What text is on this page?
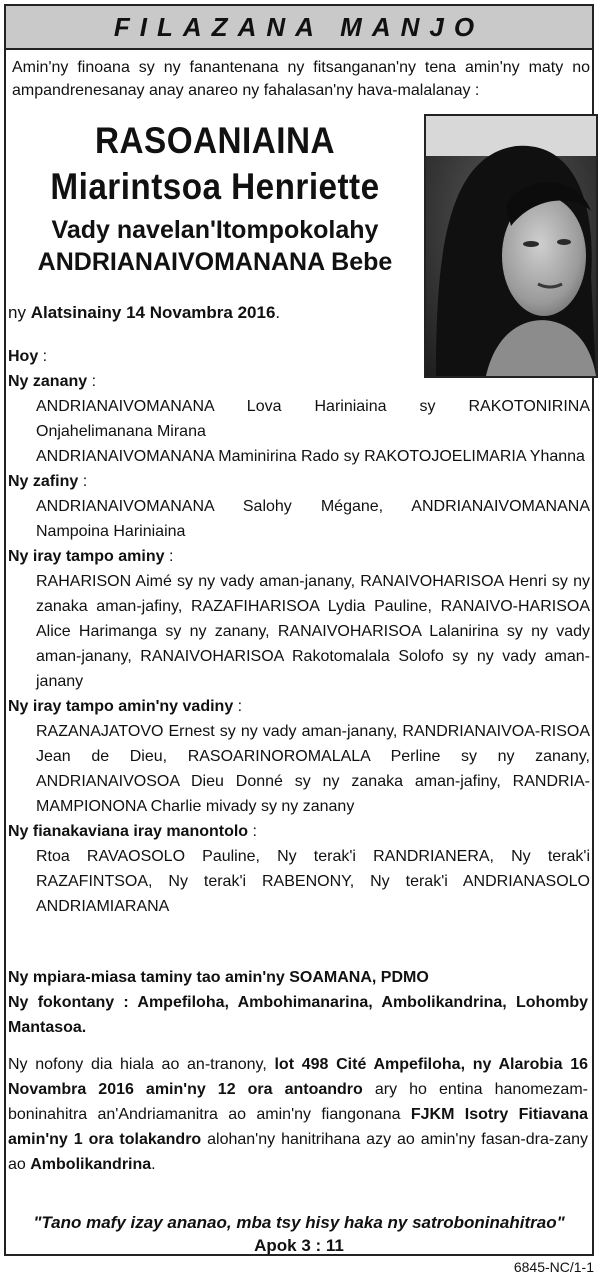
FILAZANA MANJO
Amin'ny finoana sy ny fanantenana ny fitsanganan'ny tena amin'ny maty no ampandrenesanay anay anareo ny fahalasan'ny hava-malalanay :
RASOANIAINA
Miarintsoa Henriette
Vady navelan'Itompokolahy
ANDRIANAIVOMANANA Bebe
ny Alatsinainy 14 Novambra 2016.

Hoy :

Ny zanany :

ANDRIANAIVOMANANA Lova Hariniaina sy RAKOTONIRINA Onjahelimanana Mirana

ANDRIANAIVOMANANA Maminirina Rado sy RAKOTOJOELIMARIA Yhanna

Ny zafiny :

ANDRIANAIVOMANANA Salohy Mégane, ANDRIANAIVOMANANA Nampoina Hariniaina

Ny iray tampo aminy :

RAHARISON Aimé sy ny vady aman-janany, RANAIVOHARISOA Henri sy ny zanaka aman-jafiny, RAZAFIHARISOA Lydia Pauline, RANAIVO-HARISOA Alice Harimanga sy ny zanany, RANAIVOHARISOA Lalanirina sy ny vady aman-janany, RANAIVOHARISOA Rakotomalala Solofo sy ny vady aman-janany

Ny iray tampo amin'ny vadiny :

RAZANAJATOVO Ernest sy ny vady aman-janany, RANDRIANAIVOA-RISOA Jean de Dieu, RASOARINOROMALALA Perline sy ny zanany, ANDRIANAIVOSOA Dieu Donné sy ny zanaka aman-jafiny, RANDRIA-MAMPIONONA Charlie mivady sy ny zanany

Ny fianakaviana iray manontolo :

Rtoa RAVAOSOLO Pauline, Ny terak'i RANDRIANERA, Ny terak'i RAZAFINTSOA, Ny terak'i RABENONY, Ny terak'i ANDRIANASOLO ANDRIAMIARANA

Ny mpiara-miasa taminy tao amin'ny SOAMANA, PDMO

Ny fokontany : Ampefiloha, Ambohimanarina, Ambolikandrina, Lohomby Mantasoa.

Ny nofony dia hiala ao an-tranony, lot 498 Cité Ampefiloha, ny Alarobia 16 Novambra 2016 amin'ny 12 ora antoandro ary ho entina hanomezam-boninahitra an'Andriamanitra ao amin'ny fiangonana FJKM Isotry Fitiavana amin'ny 1 ora tolakandro alohan'ny hanitrihana azy ao amin'ny fasan-dra-zany ao Ambolikandrina.

"Tano mafy izay ananao, mba tsy hisy haka ny satroboninahitrao"
Apok 3 : 11
6845-NC/1-1
